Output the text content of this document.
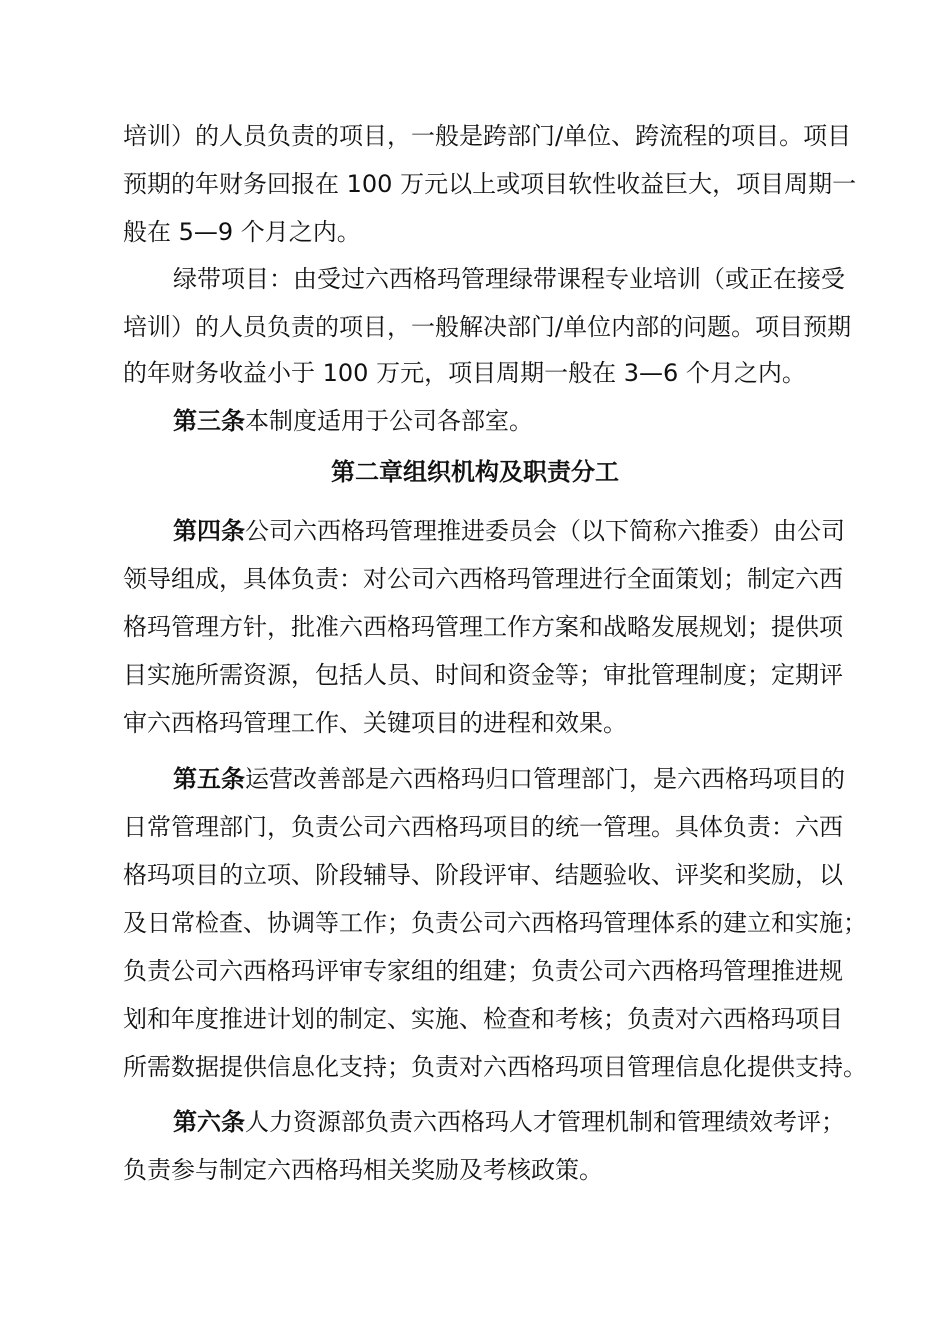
培训）的人员负责的项目，一般是跨部门/单位、跨流程的项目。项目
预期的年财务回报在 100 万元以上或项目软性收益巨大，项目周期一
般在 5—9 个月之内。
绿带项目：由受过六西格玛管理绿带课程专业培训（或正在接受
培训）的人员负责的项目，一般解决部门/单位内部的问题。项目预期
的年财务收益小于 100 万元，项目周期一般在 3—6 个月之内。
第三条本制度适用于公司各部室。
第二章组织机构及职责分工
第四条公司六西格玛管理推进委员会（以下简称六推委）由公司
领导组成，具体负责：对公司六西格玛管理进行全面策划；制定六西
格玛管理方针，批准六西格玛管理工作方案和战略发展规划；提供项
目实施所需资源，包括人员、时间和资金等；审批管理制度；定期评
审六西格玛管理工作、关键项目的进程和效果。
第五条运营改善部是六西格玛归口管理部门，是六西格玛项目的
日常管理部门，负责公司六西格玛项目的统一管理。具体负责：六西
格玛项目的立项、阶段辅导、阶段评审、结题验收、评奖和奖励，以
及日常检查、协调等工作；负责公司六西格玛管理体系的建立和实施；
负责公司六西格玛评审专家组的组建；负责公司六西格玛管理推进规
划和年度推进计划的制定、实施、检查和考核；负责对六西格玛项目
所需数据提供信息化支持；负责对六西格玛项目管理信息化提供支持。
第六条人力资源部负责六西格玛人才管理机制和管理绩效考评；
负责参与制定六西格玛相关奖励及考核政策。
